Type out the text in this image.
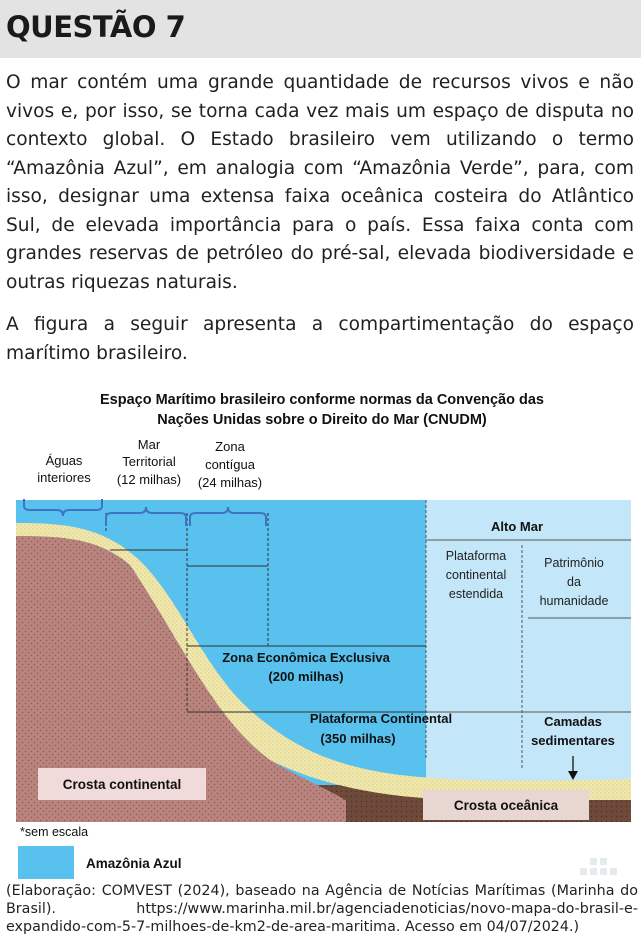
QUESTÃO 7

O mar contém uma grande quantidade de recursos vivos e não vivos e, por isso, se torna cada vez mais um espaço de disputa no contexto global. O Estado brasileiro vem utilizando o termo “Amazônia Azul”, em analogia com “Amazônia Verde”, para, com isso, designar uma extensa faixa oceânica costeira do Atlântico Sul, de elevada importância para o país. Essa faixa conta com grandes reservas de petróleo do pré-sal, elevada biodiversidade e outras riquezas naturais.

A figura a seguir apresenta a compartimentação do espaço marítimo brasileiro.

Espaço Marítimo brasileiro conforme normas da Convenção das
Nações Unidas sobre o Direito do Mar (CNUDM)
Águas
interiores
Mar
Territorial
(12 milhas)
Zona
contígua
(24 milhas)
Alto Mar
Plataforma
continental
estendida
Patrimônio
da
humanidade
Zona Econômica Exclusiva
(200 milhas)
Plataforma Continental
(350 milhas)
Camadas
sedimentares
Crosta continental
Crosta oceânica
*sem escala
Amazônia Azul

(Elaboração: COMVEST (2024), baseado na Agência de Notícias Marítimas (Marinha do Brasil). https://www.marinha.mil.br/agenciadenoticias/novo-mapa-do-brasil-e-expandido-com-5-7-milhoes-de-km2-de-area-maritima. Acesso em 04/07/2024.)
